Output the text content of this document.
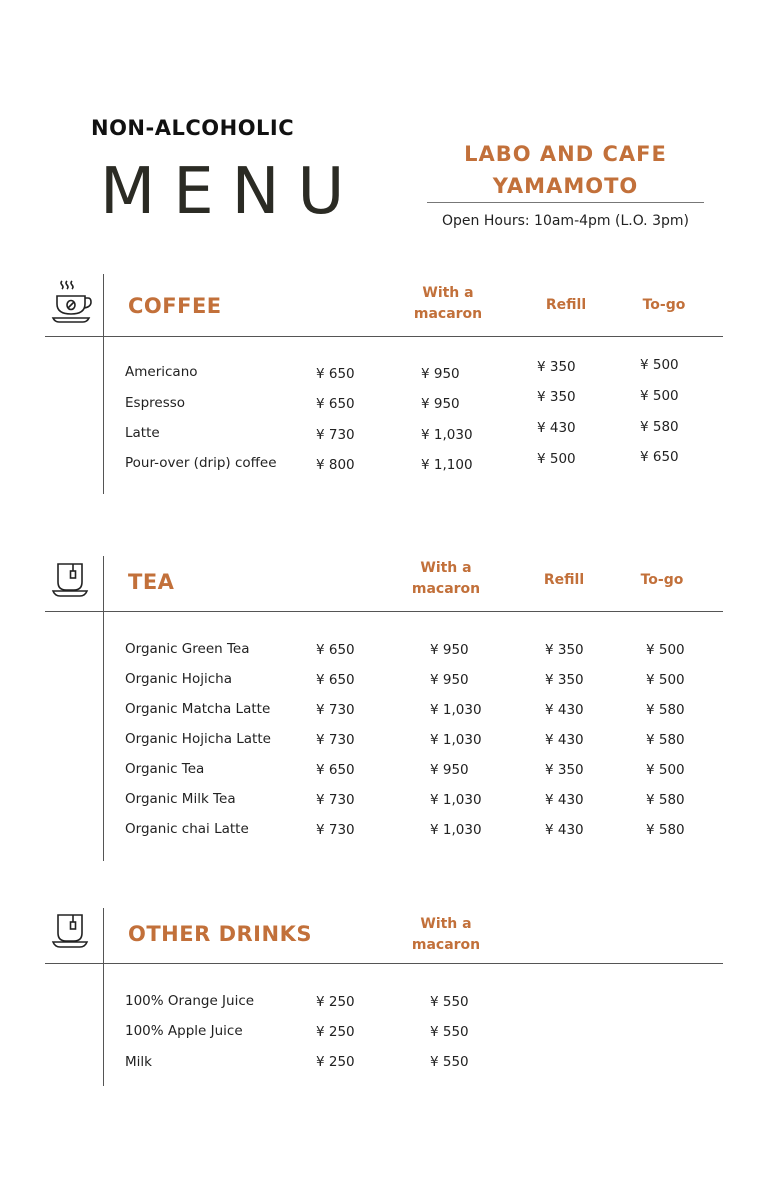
NON-ALCOHOLIC
MENU
LABO AND CAFE
YAMAMOTO
Open Hours: 10am-4pm (L.O. 3pm)
COFFEE
With a
macaron
Refill	To-go
Americano	¥ 650	¥ 950	¥ 350	¥ 500
Espresso	¥ 650	¥ 950	¥ 350	¥ 500
Latte	¥ 730	¥ 1,030	¥ 430	¥ 580
Pour-over (drip) coffee	¥ 800	¥ 1,100	¥ 500	¥ 650
TEA
With a
macaron
Refill	To-go
Organic Green Tea	¥ 650	¥ 950	¥ 350	¥ 500
Organic Hojicha	¥ 650	¥ 950	¥ 350	¥ 500
Organic Matcha Latte	¥ 730	¥ 1,030	¥ 430	¥ 580
Organic Hojicha Latte	¥ 730	¥ 1,030	¥ 430	¥ 580
Organic Tea	¥ 650	¥ 950	¥ 350	¥ 500
Organic Milk Tea	¥ 730	¥ 1,030	¥ 430	¥ 580
Organic chai Latte	¥ 730	¥ 1,030	¥ 430	¥ 580
OTHER DRINKS	With a
macaron
100% Orange Juice	¥ 250	¥ 550
100% Apple Juice	¥ 250	¥ 550
Milk	¥ 250	¥ 550
